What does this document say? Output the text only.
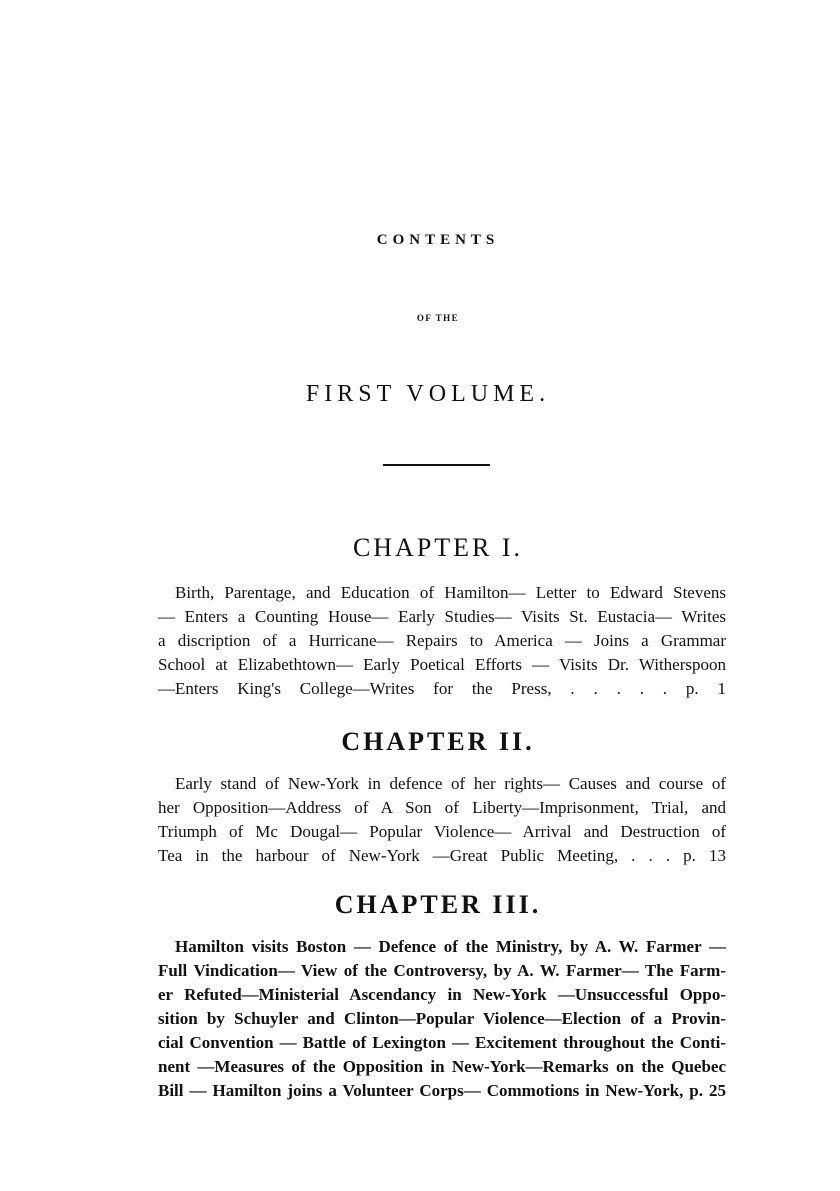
CONTENTS
OF THE
FIRST VOLUME.
CHAPTER I.
Birth, Parentage, and Education of Hamilton— Letter to Edward Stevens
— Enters a Counting House— Early Studies— Visits St. Eustacia— Writes
a discription of a Hurricane— Repairs to America — Joins a Grammar
School at Elizabethtown— Early Poetical Efforts — Visits Dr. Witherspoon
—Enters King's College—Writes for the Press, . . . . . p. 1
CHAPTER II.
Early stand of New-York in defence of her rights— Causes and course of
her Opposition—Address of A Son of Liberty—Imprisonment, Trial, and
Triumph of Mc Dougal— Popular Violence— Arrival and Destruction of
Tea in the harbour of New-York —Great Public Meeting, . . . p. 13
CHAPTER III.
Hamilton visits Boston — Defence of the Ministry, by A. W. Farmer —
Full Vindication— View of the Controversy, by A. W. Farmer— The Farm-
er Refuted—Ministerial Ascendancy in New-York —Unsuccessful Oppo-
sition by Schuyler and Clinton—Popular Violence—Election of a Provin-
cial Convention — Battle of Lexington — Excitement throughout the Conti-
nent —Measures of the Opposition in New-York—Remarks on the Quebec
Bill — Hamilton joins a Volunteer Corps— Commotions in New-York, p. 25
